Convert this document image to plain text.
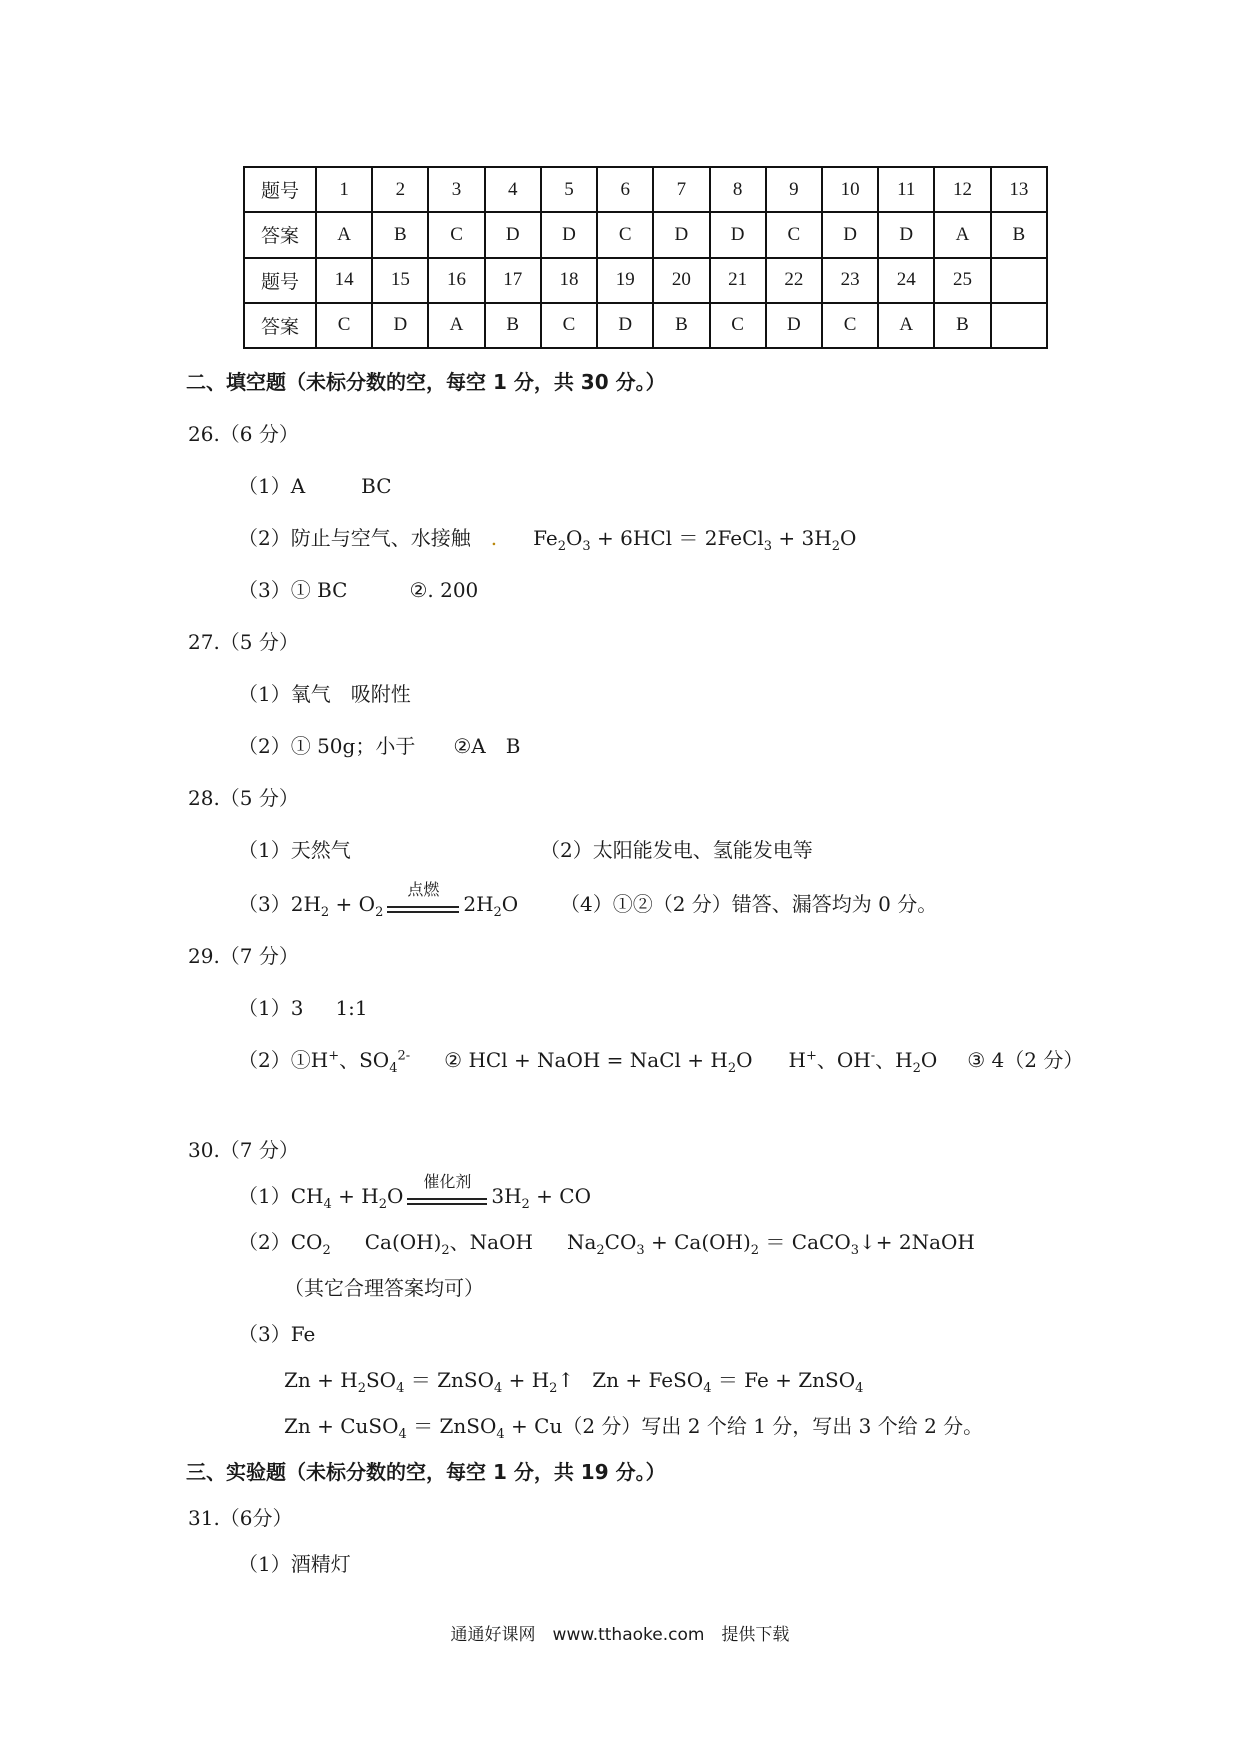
题号	1	2	3	4	5	6	7	8	9	10	11	12	13
答案	A	B	C	D	D	C	D	D	C	D	D	A	B
题号	14	15	16	17	18	19	20	21	22	23	24	25	
答案	C	D	A	B	C	D	B	C	D	C	A	B	
二、填空题（未标分数的空，每空 1 分，共 30 分。）
26.（6 分）
（1）A	BC
（2）防止与空气、水接触 . $Fe_2O_3 + 6HCl$ ＝ 2FeCl$_3$ + $3H_2O$
（3）① BC	②. 200
27.（5 分）
（1）氧气　吸附性
（2）① 50g；小于 ②A　B
28.（5 分）
（1）天然气	（2）太阳能发电、氢能发电等
$(3)2H_2 + O_2$
点燃
$2H_2O$ （4）①②（2 分）错答、漏答均为 0 分。
29.（7 分）
（1）3 1:1
（2）①H+、$SO_4^{2-}$ ② HCl + NaOH = NaCl + $H_2O$ H+、OH-、$H_2O$ ③ 4（2 分）
30.（7 分）
$(1)CH_4 + H_2O$
催化剂
$3H_2$ + CO
$(2)CO_2$ $Ca(OH)_2$、NaOH $Na_2CO_3 + Ca(OH)_2$ ＝ CaCO$_3$↓+ 2NaOH
（其它合理答案均可）
（3）Fe
$Zn + H_2SO_4$ ＝ ZnSO$_4$ + $H_2↑$ Zn + FeSO$_4$ ＝ Fe + ZnSO$_4$
Zn + CuSO$_4$ ＝ ZnSO$_4$ + Cu（2 分）写出 2 个给 1 分，写出 3 个给 2 分。
三、实验题（未标分数的空，每空 1 分，共 19 分。）
31.（6分）
（1）酒精灯
通通好课网　www.tthaoke.com　提供下载
